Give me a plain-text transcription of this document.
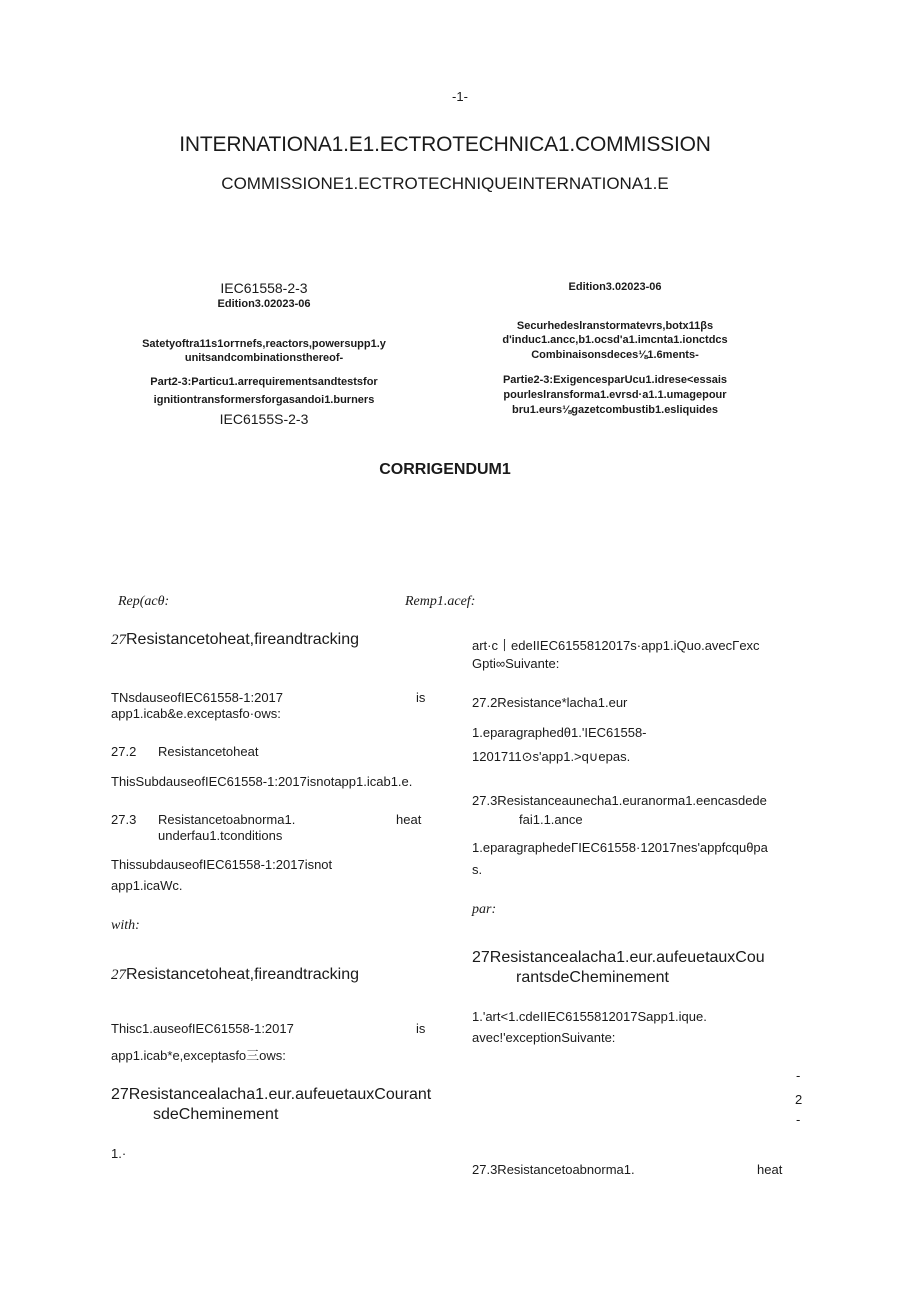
-1-
INTERNATIONA1.E1.ECTROTECHNICA1.COMMISSION
COMMISSIONE1.ECTROTECHNIQUEINTERNATIONA1.E
IEC61558-2-3
Edition3.02023-06
Satetyoftra11s1orтnefs,reactors,powersupp1.y
unitsandcombinationsthereof-
Part2-3:Particu1.arrequirementsandtestsfor
ignitiontransformersforgasandoi1.burners
IEC6155S-2-3
Edition3.02023-06
Securhedeslranstormatevrs,botx11βs
d'induc1.ancc,b1.ocsd'a1.imcnta1.ionctdcs
Combinaisonsdeces⅛1.6ments-
Partie2-3:ExigencesparUcu1.idrese<essais
pourleslransforma1.evrsd·a1.1.umagepour
bru1.eurs⅛gazetcombustib1.esliquides
CORRIGENDUM1
Rep(acθ:
27Resistancetoheat,fireandtracking
TNsdauseofIEC61558-1:2017	is
app1.icab&e.exceptasfo·ows:
27.2 Resistancetoheat
ThisSubdauseofIEC61558-1:2017isnotapp1.icab1.e.
27.3 Resistancetoabnorma1.	heat
underfau1.tconditions
ThissubdauseofIEC61558-1:2017isnot
app1.icaWc.
with:
27Resistancetoheat,fireandtracking
Thisc1.auseofIEC61558-1:2017	is
app1.icab*e,exceptasfo三ows:
27Resistancealacha1.eur.aufeuetauxCourant
sdeCheminement
1.·
Remp1.acef:
art·c丨edeIIEC6155812017s·app1.iQuo.avecΓexc
Gpti∞Suivante:
27.2Resistance*lacha1.eur
1.eparagraphedθ1.'IEC61558-
1201711⊙s'app1.>q∪epas.
27.3Resistanceaunecha1.euranorma1.eencasdede
fai1.1.ance
1.eparagraphedeΓIEC61558·12017nes'appfcquθpa
s.
par:
27Resistancealacha1.eur.aufeuetauxCou
rantsdeCheminement
1.'art<1.cdeIIEC6155812017Sapp1.ique.
avec!'exceptionSuivante:
-
2
-
27.3Resistancetoabnorma1.	heat
